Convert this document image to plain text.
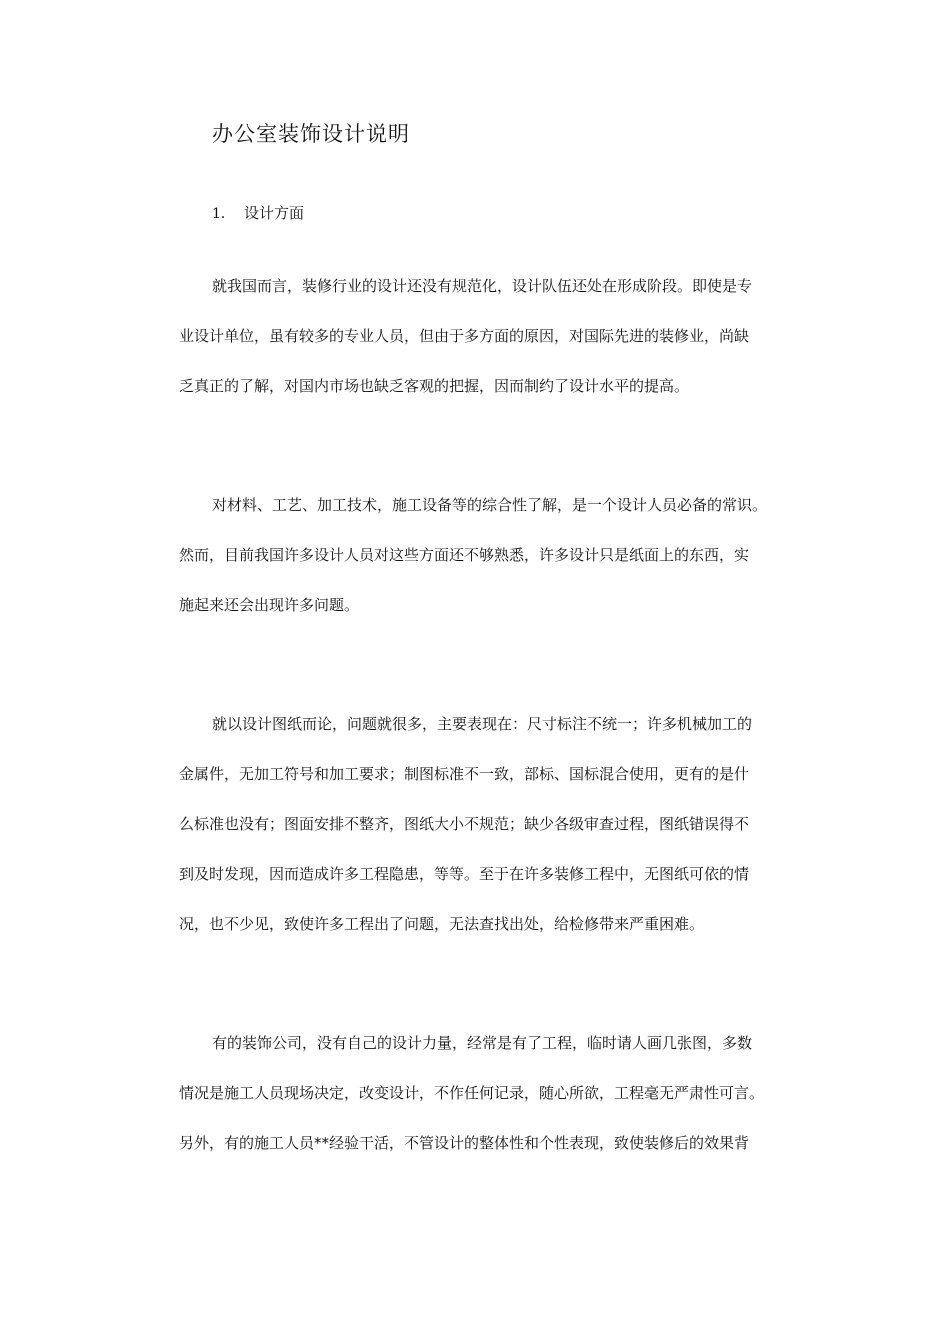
办公室装饰设计说明
1． 设计方面
就我国而言，装修行业的设计还没有规范化，设计队伍还处在形成阶段。即使是专
业设计单位，虽有较多的专业人员，但由于多方面的原因，对国际先进的装修业，尚缺
乏真正的了解，对国内市场也缺乏客观的把握，因而制约了设计水平的提高。
对材料、工艺、加工技术，施工设备等的综合性了解，是一个设计人员必备的常识。
然而，目前我国许多设计人员对这些方面还不够熟悉，许多设计只是纸面上的东西，实
施起来还会出现许多问题。
就以设计图纸而论，问题就很多，主要表现在：尺寸标注不统一；许多机械加工的
金属件，无加工符号和加工要求；制图标准不一致，部标、国标混合使用，更有的是什
么标准也没有；图面安排不整齐，图纸大小不规范；缺少各级审查过程，图纸错误得不
到及时发现，因而造成许多工程隐患，等等。至于在许多装修工程中，无图纸可依的情
况，也不少见，致使许多工程出了问题，无法查找出处，给检修带来严重困难。
有的装饰公司，没有自己的设计力量，经常是有了工程，临时请人画几张图，多数
情况是施工人员现场决定，改变设计，不作任何记录，随心所欲，工程毫无严肃性可言。
另外，有的施工人员**经验干活，不管设计的整体性和个性表现，致使装修后的效果背
